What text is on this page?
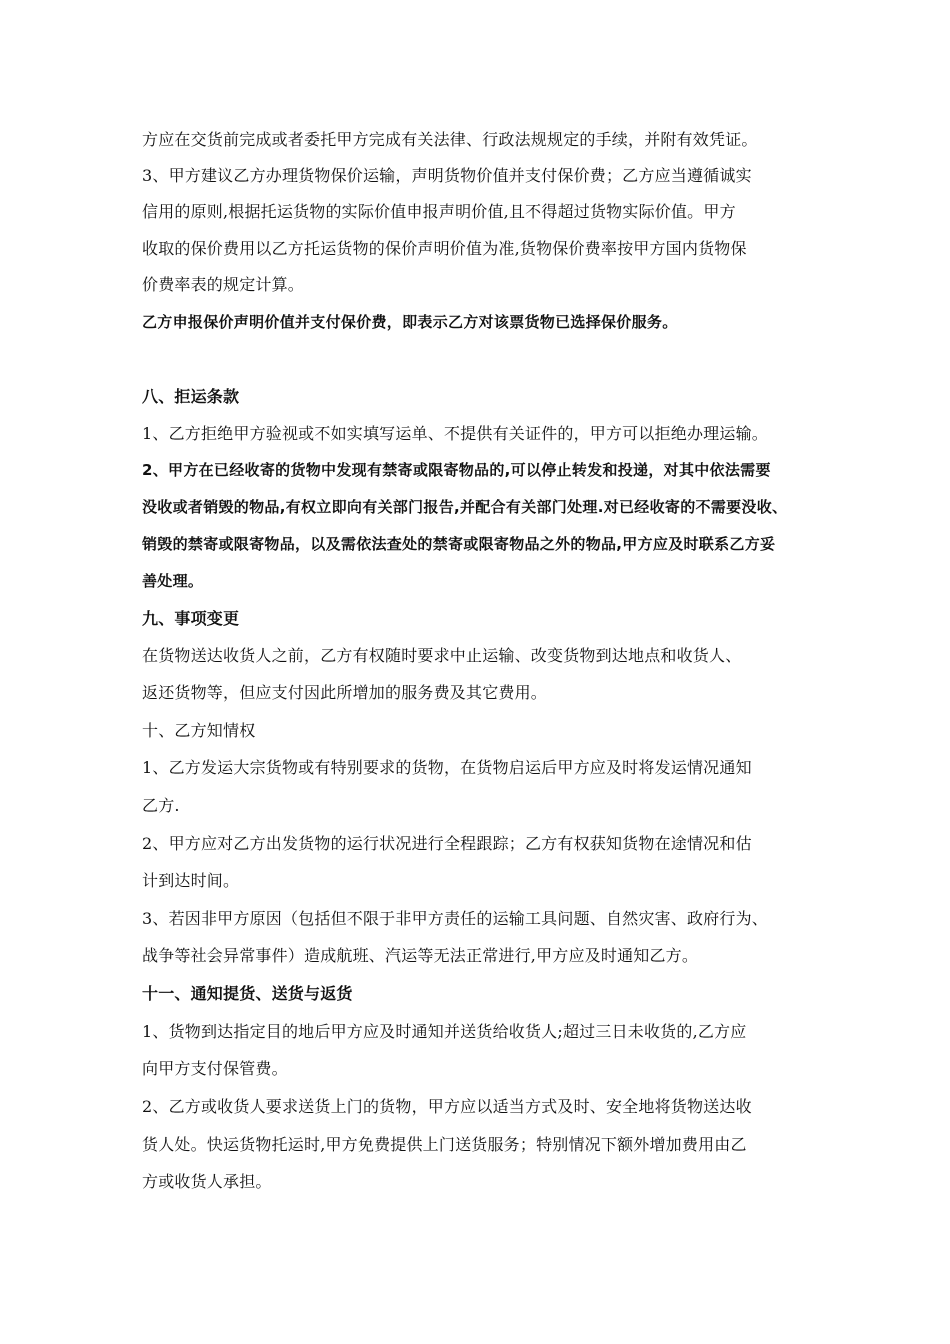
方应在交货前完成或者委托甲方完成有关法律、行政法规规定的手续，并附有效凭证。
3、甲方建议乙方办理货物保价运输，声明货物价值并支付保价费；乙方应当遵循诚实
信用的原则,根据托运货物的实际价值申报声明价值,且不得超过货物实际价值。甲方
收取的保价费用以乙方托运货物的保价声明价值为准,货物保价费率按甲方国内货物保
价费率表的规定计算。
乙方申报保价声明价值并支付保价费，即表示乙方对该票货物已选择保价服务。
八、拒运条款
1、乙方拒绝甲方验视或不如实填写运单、不提供有关证件的，甲方可以拒绝办理运输。
2、甲方在已经收寄的货物中发现有禁寄或限寄物品的,可以停止转发和投递，对其中依法需要
没收或者销毁的物品,有权立即向有关部门报告,并配合有关部门处理.对已经收寄的不需要没收、
销毁的禁寄或限寄物品，以及需依法查处的禁寄或限寄物品之外的物品,甲方应及时联系乙方妥
善处理。
九、事项变更
在货物送达收货人之前，乙方有权随时要求中止运输、改变货物到达地点和收货人、
返还货物等，但应支付因此所增加的服务费及其它费用。
十、乙方知情权
1、乙方发运大宗货物或有特别要求的货物，在货物启运后甲方应及时将发运情况通知
乙方.
2、甲方应对乙方出发货物的运行状况进行全程跟踪；乙方有权获知货物在途情况和估
计到达时间。
3、若因非甲方原因（包括但不限于非甲方责任的运输工具问题、自然灾害、政府行为、
战争等社会异常事件）造成航班、汽运等无法正常进行,甲方应及时通知乙方。
十一、通知提货、送货与返货
1、货物到达指定目的地后甲方应及时通知并送货给收货人;超过三日未收货的,乙方应
向甲方支付保管费。
2、乙方或收货人要求送货上门的货物，甲方应以适当方式及时、安全地将货物送达收
货人处。快运货物托运时,甲方免费提供上门送货服务；特别情况下额外增加费用由乙
方或收货人承担。
